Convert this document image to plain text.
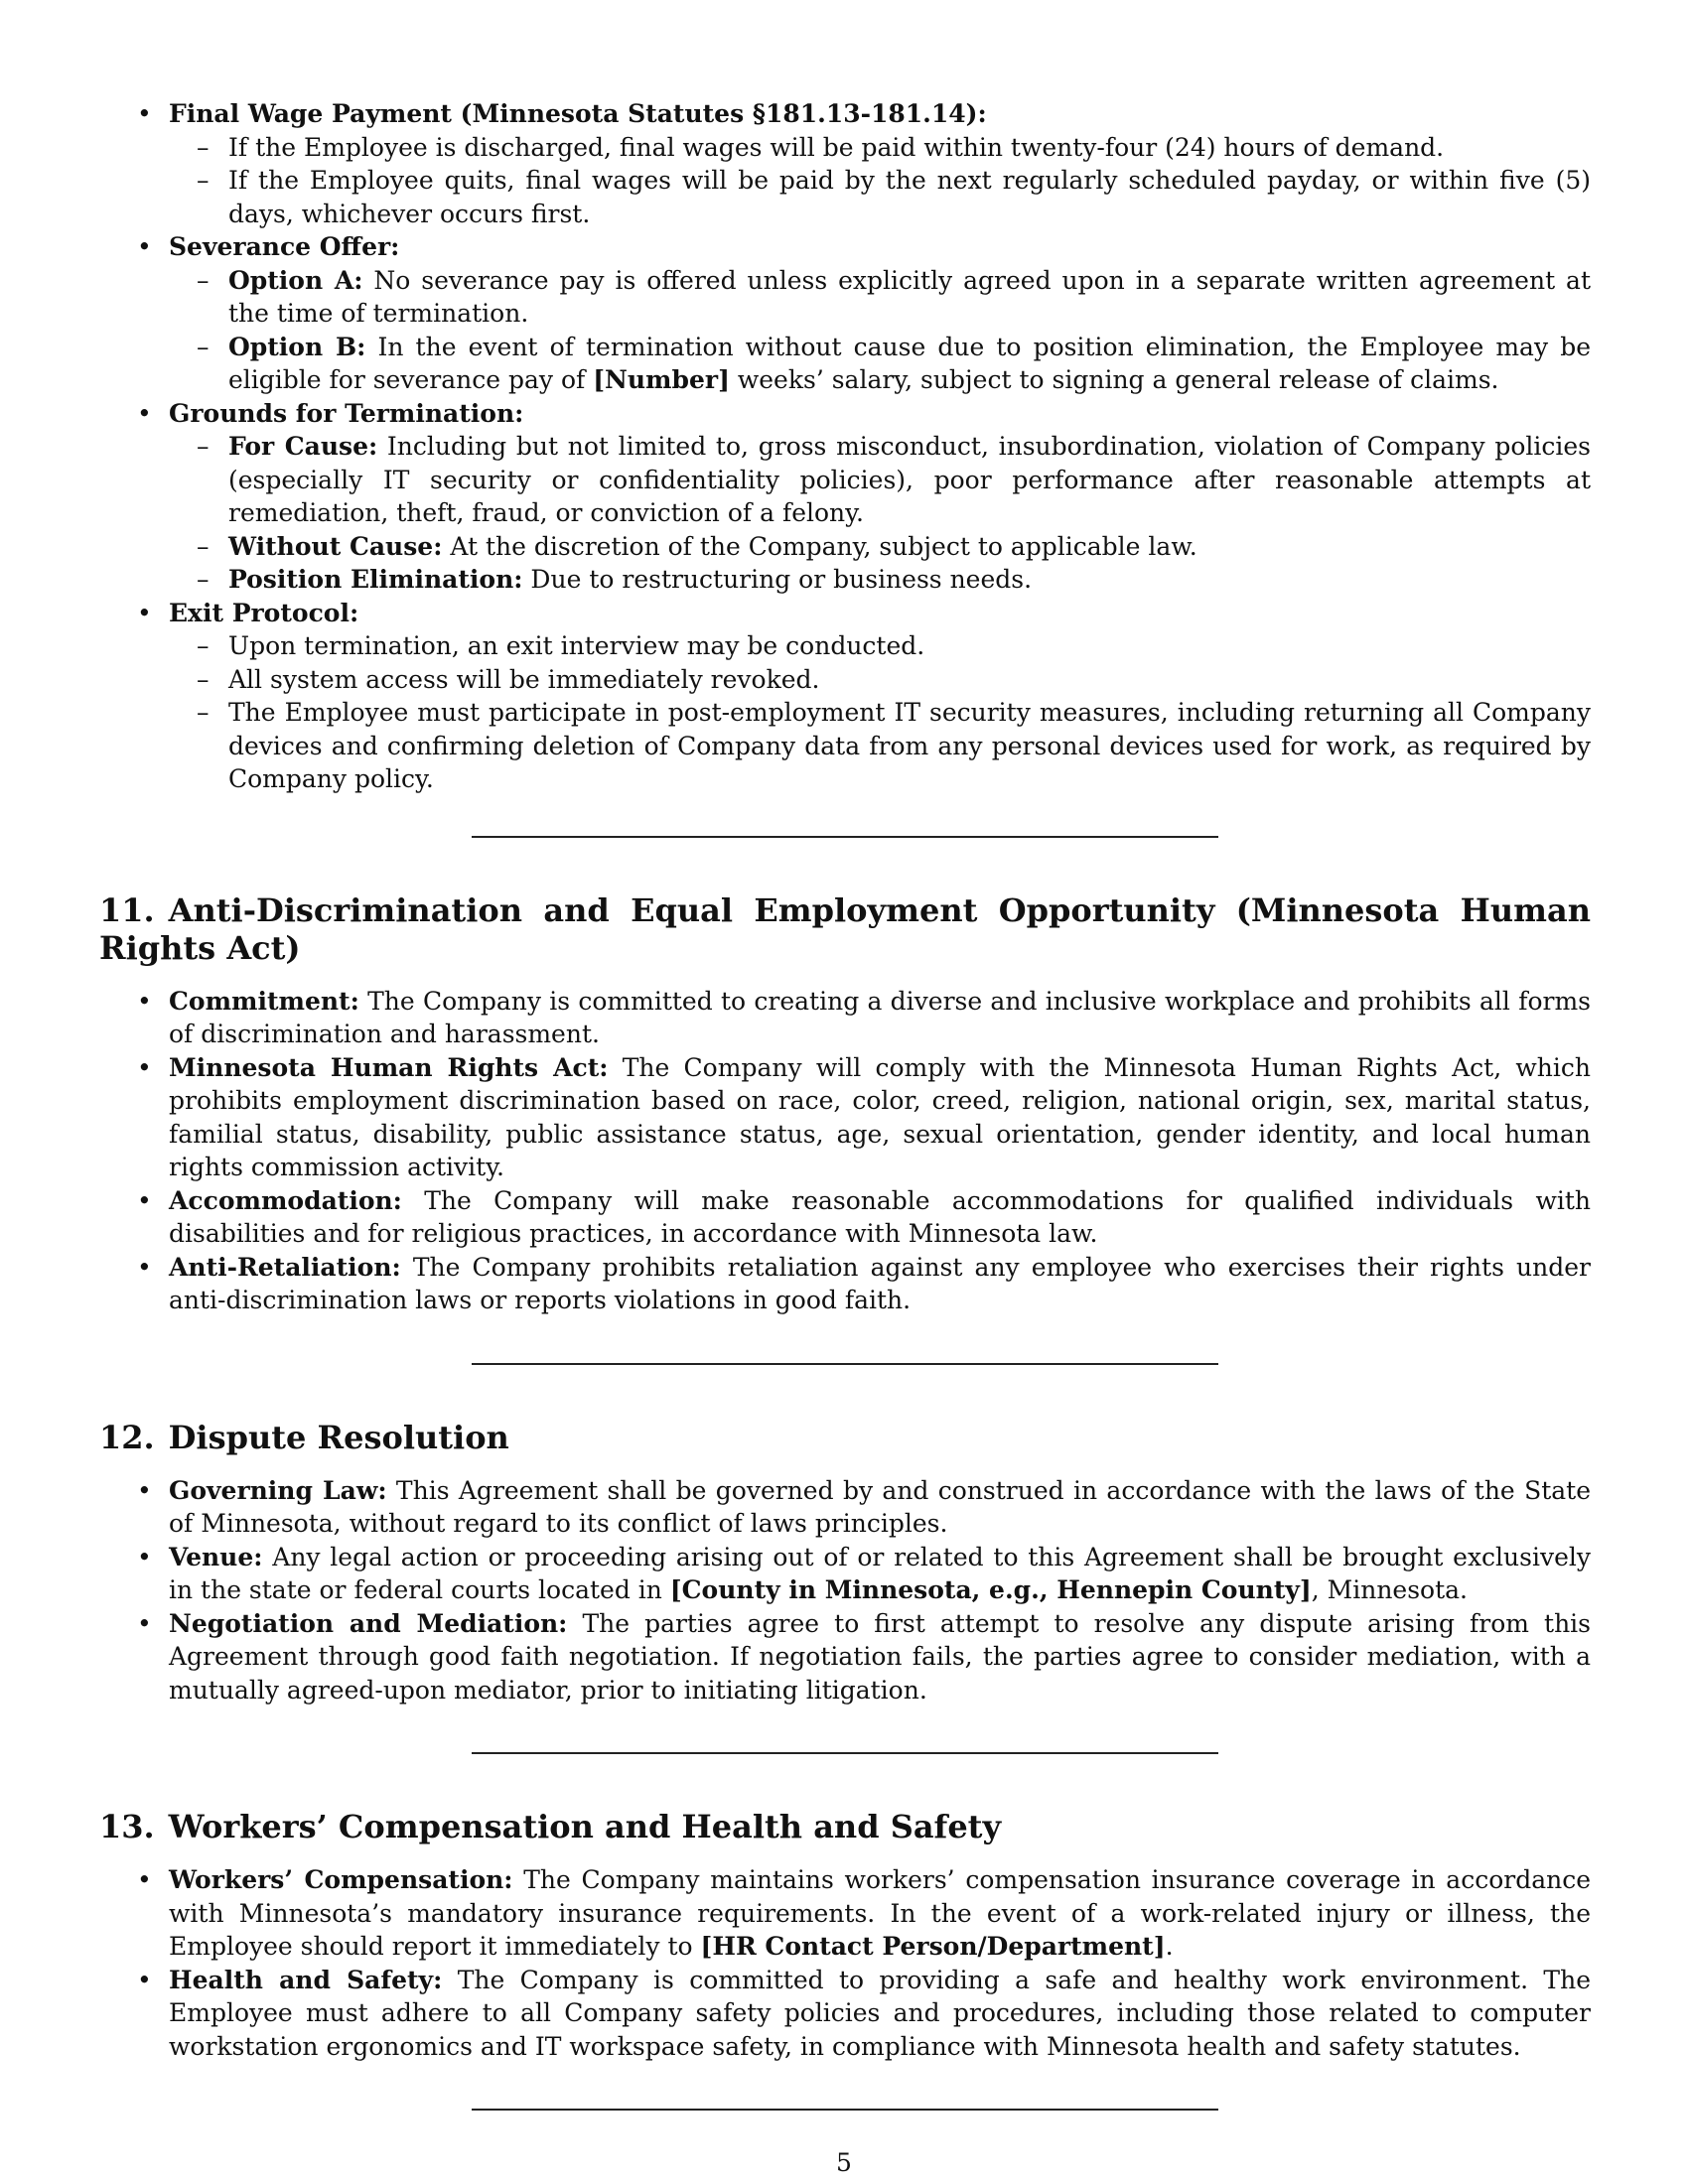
• Final Wage Payment (Minnesota Statutes §181.13-181.14):
– If the Employee is discharged, final wages will be paid within twenty-four (24) hours of demand.
– If the Employee quits, final wages will be paid by the next regularly scheduled payday, or within five (5) days, whichever occurs first.
• Severance Offer:
– Option A: No severance pay is offered unless explicitly agreed upon in a separate written agreement at the time of termination.
– Option B: In the event of termination without cause due to position elimination, the Employee may be eligible for severance pay of [Number] weeks’ salary, subject to signing a general release of claims.
• Grounds for Termination:
– For Cause: Including but not limited to, gross misconduct, insubordination, violation of Company policies (especially IT security or confidentiality policies), poor performance after reasonable attempts at remediation, theft, fraud, or conviction of a felony.
– Without Cause: At the discretion of the Company, subject to applicable law.
– Position Elimination: Due to restructuring or business needs.
• Exit Protocol:
– Upon termination, an exit interview may be conducted.
– All system access will be immediately revoked.
– The Employee must participate in post-employment IT security measures, including returning all Company devices and confirming deletion of Company data from any personal devices used for work, as required by Company policy.
11. Anti-Discrimination and Equal Employment Opportunity (Minnesota Human Rights Act)
• Commitment: The Company is committed to creating a diverse and inclusive workplace and prohibits all forms of discrimination and harassment.
• Minnesota Human Rights Act: The Company will comply with the Minnesota Human Rights Act, which prohibits employment discrimination based on race, color, creed, religion, national origin, sex, marital status, familial status, disability, public assistance status, age, sexual orientation, gender identity, and local human rights commission activity.
• Accommodation: The Company will make reasonable accommodations for qualified individuals with disabilities and for religious practices, in accordance with Minnesota law.
• Anti-Retaliation: The Company prohibits retaliation against any employee who exercises their rights under anti-discrimination laws or reports violations in good faith.
12. Dispute Resolution
• Governing Law: This Agreement shall be governed by and construed in accordance with the laws of the State of Minnesota, without regard to its conflict of laws principles.
• Venue: Any legal action or proceeding arising out of or related to this Agreement shall be brought exclusively in the state or federal courts located in [County in Minnesota, e.g., Hennepin County], Minnesota.
• Negotiation and Mediation: The parties agree to first attempt to resolve any dispute arising from this Agreement through good faith negotiation. If negotiation fails, the parties agree to consider mediation, with a mutually agreed-upon mediator, prior to initiating litigation.
13. Workers’ Compensation and Health and Safety
• Workers’ Compensation: The Company maintains workers’ compensation insurance coverage in accordance with Minnesota’s mandatory insurance requirements. In the event of a work-related injury or illness, the Employee should report it immediately to [HR Contact Person/Department].
• Health and Safety: The Company is committed to providing a safe and healthy work environment. The Employee must adhere to all Company safety policies and procedures, including those related to computer workstation ergonomics and IT workspace safety, in compliance with Minnesota health and safety statutes.
5
